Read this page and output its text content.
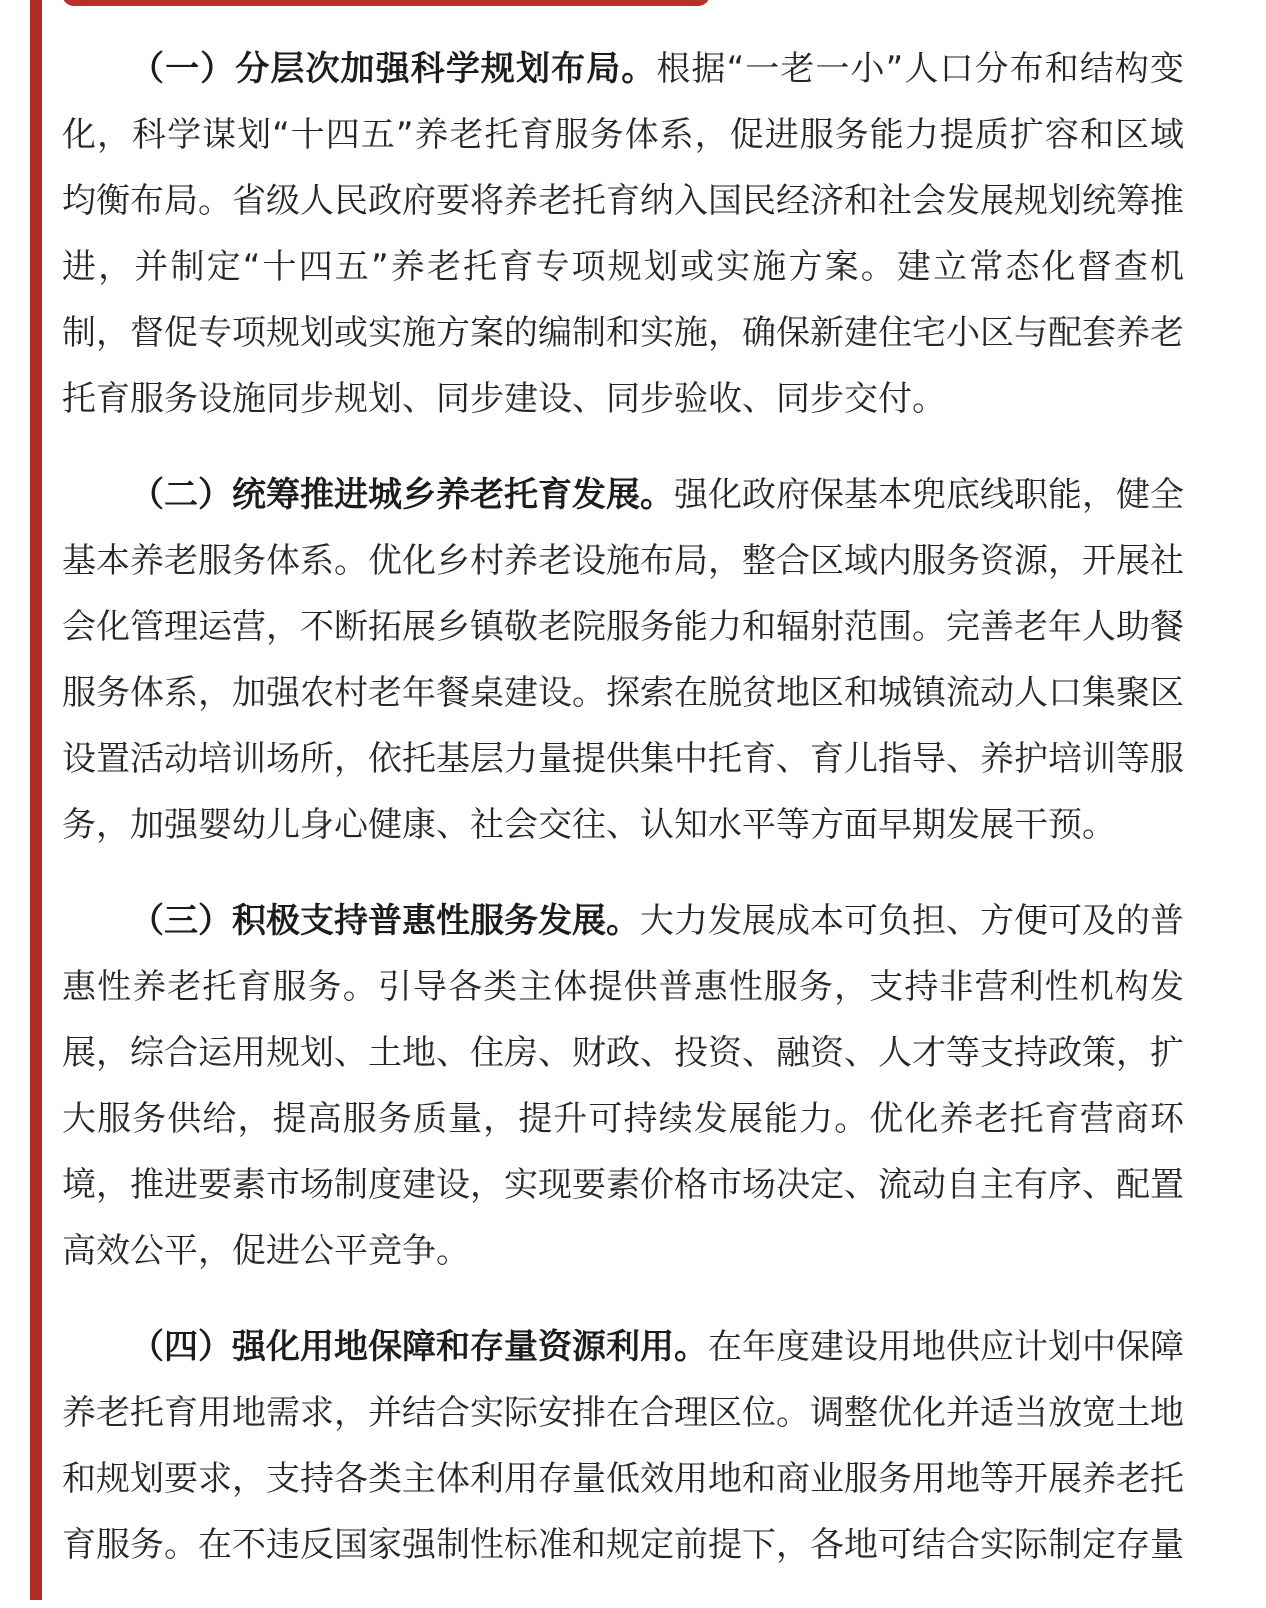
（一）分层次加强科学规划布局。根据“一老一小”人口分布和结构变化，科学谋划“十四五”养老托育服务体系，促进服务能力提质扩容和区域均衡布局。省级人民政府要将养老托育纳入国民经济和社会发展规划统筹推进，并制定“十四五”养老托育专项规划或实施方案。建立常态化督查机制，督促专项规划或实施方案的编制和实施，确保新建住宅小区与配套养老托育服务设施同步规划、同步建设、同步验收、同步交付。

（二）统筹推进城乡养老托育发展。强化政府保基本兜底线职能，健全基本养老服务体系。优化乡村养老设施布局，整合区域内服务资源，开展社会化管理运营，不断拓展乡镇敬老院服务能力和辐射范围。完善老年人助餐服务体系，加强农村老年餐桌建设。探索在脱贫地区和城镇流动人口集聚区设置活动培训场所，依托基层力量提供集中托育、育儿指导、养护培训等服务，加强婴幼儿身心健康、社会交往、认知水平等方面早期发展干预。

（三）积极支持普惠性服务发展。大力发展成本可负担、方便可及的普惠性养老托育服务。引导各类主体提供普惠性服务，支持非营利性机构发展，综合运用规划、土地、住房、财政、投资、融资、人才等支持政策，扩大服务供给，提高服务质量，提升可持续发展能力。优化养老托育营商环境，推进要素市场制度建设，实现要素价格市场决定、流动自主有序、配置高效公平，促进公平竞争。

（四）强化用地保障和存量资源利用。在年度建设用地供应计划中保障养老托育用地需求，并结合实际安排在合理区位。调整优化并适当放宽土地和规划要求，支持各类主体利用存量低效用地和商业服务用地等开展养老托育服务。在不违反国家强制性标准和规定前提下，各地可结合实际制定存量
